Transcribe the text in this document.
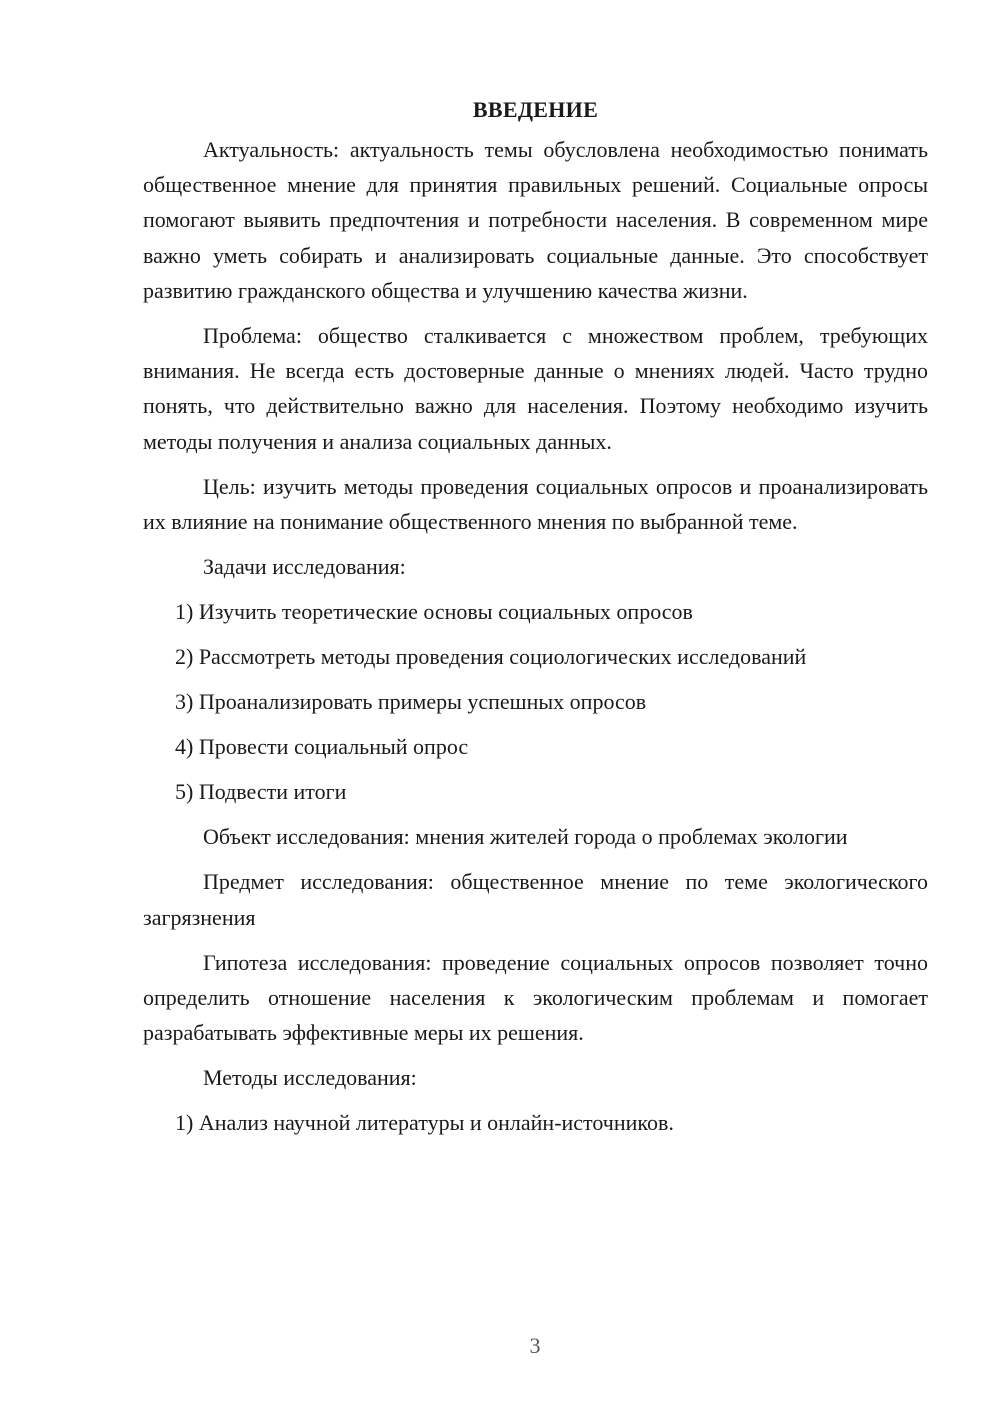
ВВЕДЕНИЕ

Актуальность: актуальность темы обусловлена необходимостью понимать общественное мнение для принятия правильных решений. Социальные опросы помогают выявить предпочтения и потребности населения. В современном мире важно уметь собирать и анализировать социальные данные. Это способствует развитию гражданского общества и улучшению качества жизни.

Проблема: общество сталкивается с множеством проблем, требующих внимания. Не всегда есть достоверные данные о мнениях людей. Часто трудно понять, что действительно важно для населения. Поэтому необходимо изучить методы получения и анализа социальных данных.

Цель: изучить методы проведения социальных опросов и проанализировать их влияние на понимание общественного мнения по выбранной теме.

Задачи исследования:

1) Изучить теоретические основы социальных опросов
2) Рассмотреть методы проведения социологических исследований
3) Проанализировать примеры успешных опросов
4) Провести социальный опрос
5) Подвести итоги

Объект исследования: мнения жителей города о проблемах экологии

Предмет исследования: общественное мнение по теме экологического загрязнения

Гипотеза исследования: проведение социальных опросов позволяет точно определить отношение населения к экологическим проблемам и помогает разрабатывать эффективные меры их решения.

Методы исследования:

1) Анализ научной литературы и онлайн-источников.
3
